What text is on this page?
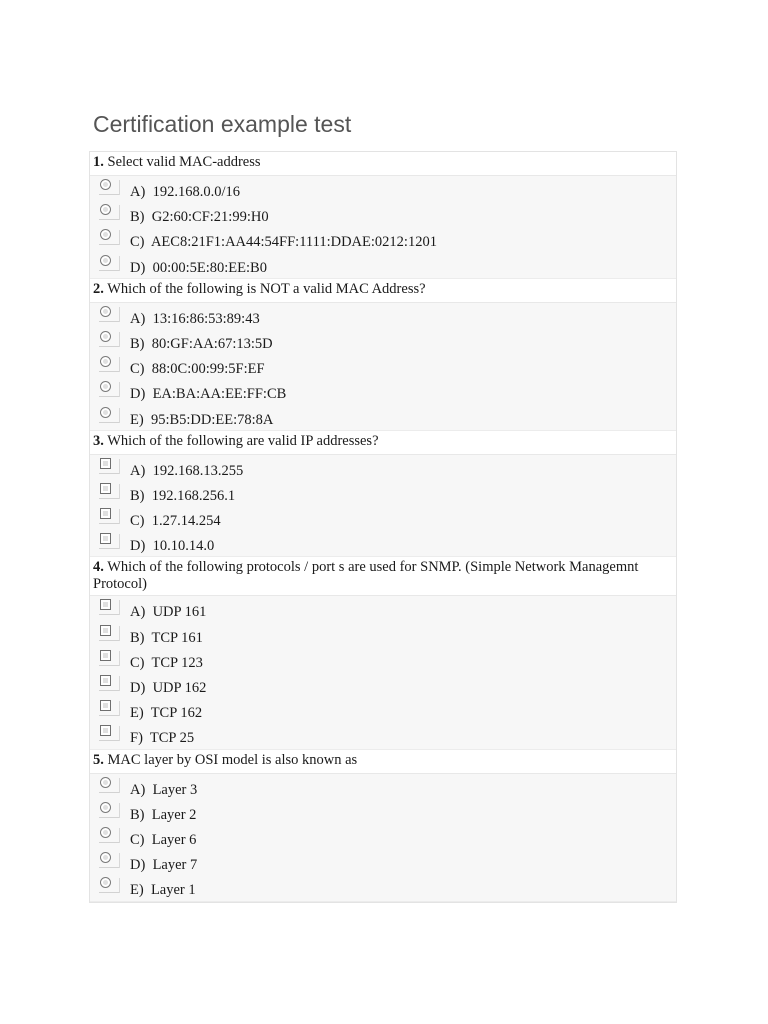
Certification example test
1. Select valid MAC-address
A) 192.168.0.0/16
B) G2:60:CF:21:99:H0
C) AEC8:21F1:AA44:54FF:1111:DDAE:0212:1201
D) 00:00:5E:80:EE:B0
2. Which of the following is NOT a valid MAC Address?
A) 13:16:86:53:89:43
B) 80:GF:AA:67:13:5D
C) 88:0C:00:99:5F:EF
D) EA:BA:AA:EE:FF:CB
E) 95:B5:DD:EE:78:8A
3. Which of the following are valid IP addresses?
A) 192.168.13.255
B) 192.168.256.1
C) 1.27.14.254
D) 10.10.14.0
4. Which of the following protocols / port s are used for SNMP. (Simple Network Managemnt Protocol)
A) UDP 161
B) TCP 161
C) TCP 123
D) UDP 162
E) TCP 162
F) TCP 25
5. MAC layer by OSI model is also known as
A) Layer 3
B) Layer 2
C) Layer 6
D) Layer 7
E) Layer 1
